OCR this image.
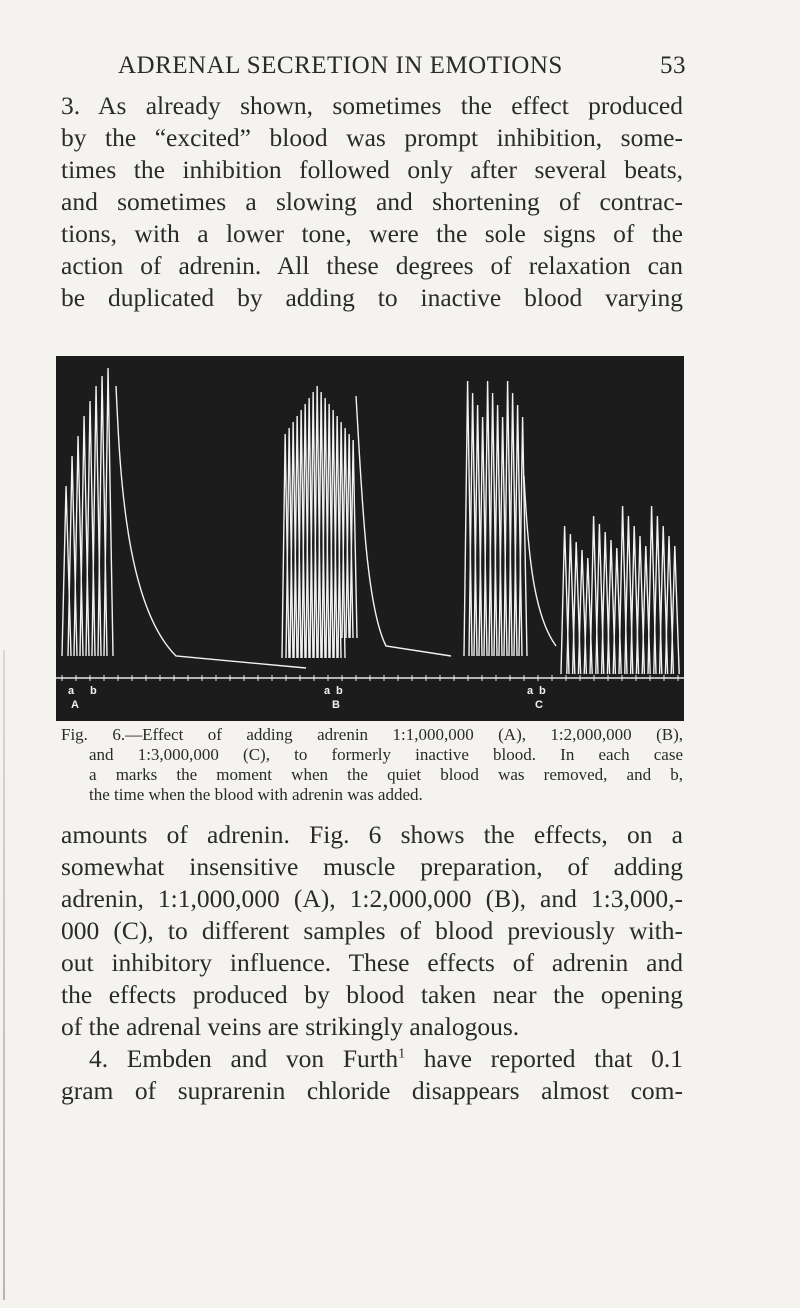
ADRENAL SECRETION IN EMOTIONS	53

3. As already shown, sometimes the effect produced
by the “excited” blood was prompt inhibition, some-
times the inhibition followed only after several beats,
and sometimes a slowing and shortening of contrac-
tions, with a lower tone, were the sole signs of the
action of adrenin. All these degrees of relaxation can
be duplicated by adding to inactive blood varying

a b
A
a b
B
a b
C
Fig. 6.—Effect of adding adrenin 1:1,000,000 (A), 1:2,000,000 (B),
and 1:3,000,000 (C), to formerly inactive blood. In each case
a marks the moment when the quiet blood was removed, and b,
the time when the blood with adrenin was added.

amounts of adrenin. Fig. 6 shows the effects, on a
somewhat insensitive muscle preparation, of adding
adrenin, 1:1,000,000 (A), 1:2,000,000 (B), and 1:3,000,-
000 (C), to different samples of blood previously with-
out inhibitory influence. These effects of adrenin and
the effects produced by blood taken near the opening
of the adrenal veins are strikingly analogous.
4. Embden and von Furth$^1$ have reported that 0.1
gram of suprarenin chloride disappears almost com-
